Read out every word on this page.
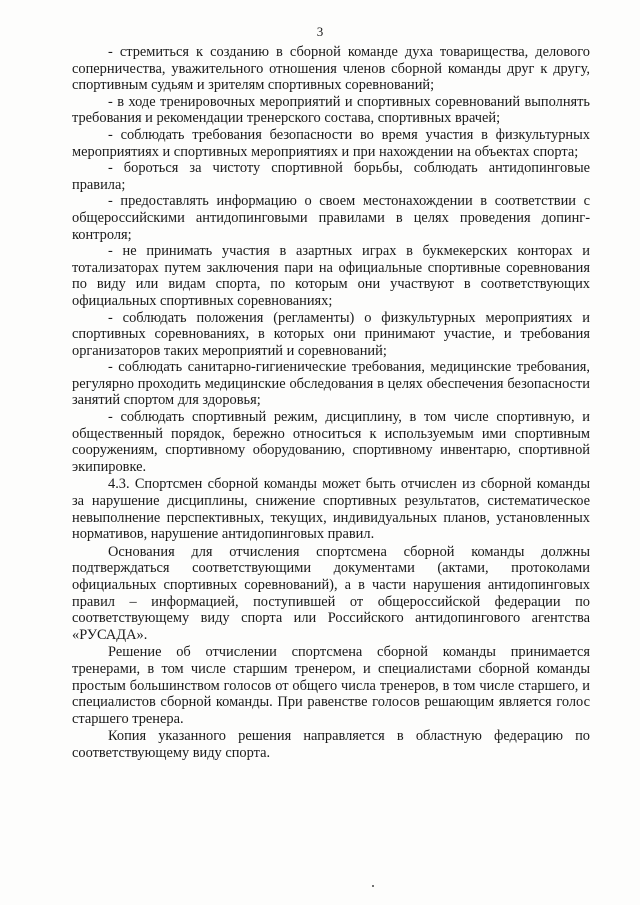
3

- стремиться к созданию в сборной команде духа товарищества, делового соперничества, уважительного отношения членов сборной команды друг к другу, спортивным судьям и зрителям спортивных соревнований;

- в ходе тренировочных мероприятий и спортивных соревнований выполнять требования и рекомендации тренерского состава, спортивных врачей;

- соблюдать требования безопасности во время участия в физкультурных мероприятиях и спортивных мероприятиях и при нахождении на объектах спорта;

- бороться за чистоту спортивной борьбы, соблюдать антидопинговые правила;

- предоставлять информацию о своем местонахождении в соответствии с общероссийскими антидопинговыми правилами в целях проведения допинг-контроля;

- не принимать участия в азартных играх в букмекерских конторах и тотализаторах путем заключения пари на официальные спортивные соревнования по виду или видам спорта, по которым они участвуют в соответствующих официальных спортивных соревнованиях;

- соблюдать положения (регламенты) о физкультурных мероприятиях и спортивных соревнованиях, в которых они принимают участие, и требования организаторов таких мероприятий и соревнований;

- соблюдать санитарно-гигиенические требования, медицинские требования, регулярно проходить медицинские обследования в целях обеспечения безопасности занятий спортом для здоровья;

- соблюдать спортивный режим, дисциплину, в том числе спортивную, и общественный порядок, бережно относиться к используемым ими спортивным сооружениям, спортивному оборудованию, спортивному инвентарю, спортивной экипировке.

4.3. Спортсмен сборной команды может быть отчислен из сборной команды за нарушение дисциплины, снижение спортивных результатов, систематическое невыполнение перспективных, текущих, индивидуальных планов, установленных нормативов, нарушение антидопинговых правил.

Основания для отчисления спортсмена сборной команды должны подтверждаться соответствующими документами (актами, протоколами официальных спортивных соревнований), а в части нарушения антидопинговых правил – информацией, поступившей от общероссийской федерации по соответствующему виду спорта или Российского антидопингового агентства «РУСАДА».

Решение об отчислении спортсмена сборной команды принимается тренерами, в том числе старшим тренером, и специалистами сборной команды простым большинством голосов от общего числа тренеров, в том числе старшего, и специалистов сборной команды. При равенстве голосов решающим является голос старшего тренера.

Копия указанного решения направляется в областную федерацию по соответствующему виду спорта.
